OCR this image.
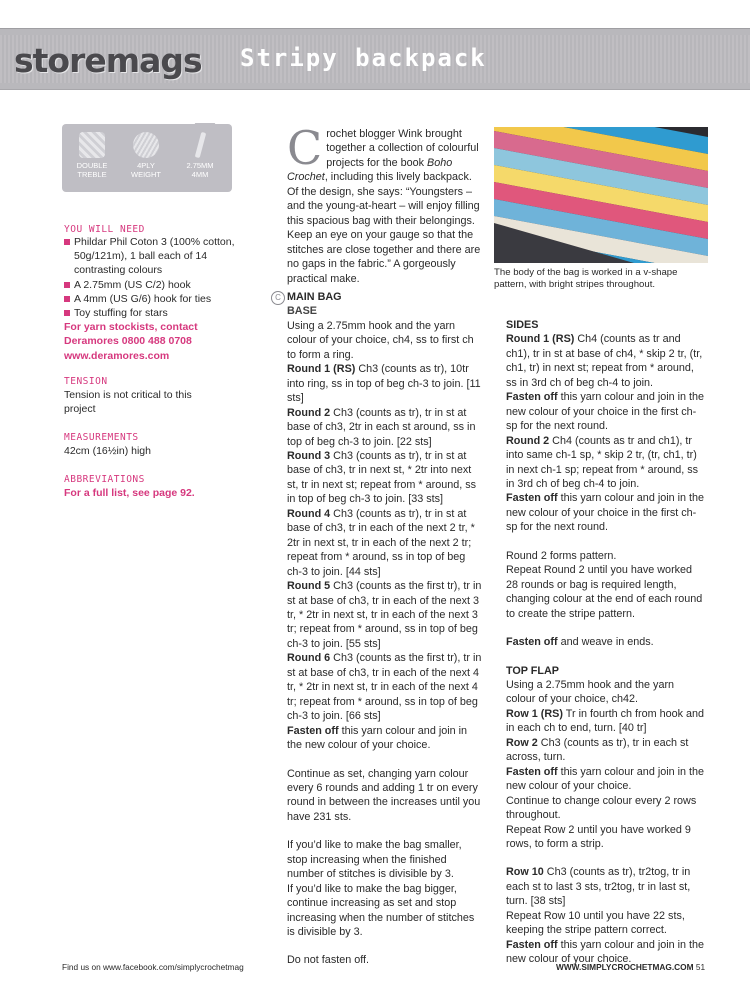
storemags Stripy backpack
DOUBLE
TREBLE
4PLY
WEIGHT
2.75MM
4MM
YOU WILL NEED
Phildar Phil Coton 3 (100% cotton, 50g/121m), 1 ball each of 14 contrasting colours
A 2.75mm (US C/2) hook
A 4mm (US G/6) hook for ties
Toy stuffing for stars
For yarn stockists, contact Deramores 0800 488 0708 www.deramores.com
TENSION
Tension is not critical to this project
MEASUREMENTS
42cm (16½in) high
ABBREVIATIONS
For a full list, see page 92.
Crochet blogger Wink brought together a collection of colourful projects for the book Boho Crochet, including this lively backpack. Of the design, she says: “Youngsters – and the young-at-heart – will enjoy filling this spacious bag with their belongings. Keep an eye on your gauge so that the stitches are close together and there are no gaps in the fabric.” A gorgeously practical make.
C MAIN BAG

BASE

Using a 2.75mm hook and the yarn colour of your choice, ch4, ss to first ch to form a ring.

Round 1 (RS) Ch3 (counts as tr), 10tr into ring, ss in top of beg ch-3 to join. [11 sts]

Round 2 Ch3 (counts as tr), tr in st at base of ch3, 2tr in each st around, ss in top of beg ch-3 to join. [22 sts]

Round 3 Ch3 (counts as tr), tr in st at base of ch3, tr in next st, * 2tr into next st, tr in next st; repeat from * around, ss in top of beg ch-3 to join. [33 sts]

Round 4 Ch3 (counts as tr), tr in st at base of ch3, tr in each of the next 2 tr, * 2tr in next st, tr in each of the next 2 tr; repeat from * around, ss in top of beg ch-3 to join. [44 sts]

Round 5 Ch3 (counts as the first tr), tr in st at base of ch3, tr in each of the next 3 tr, * 2tr in next st, tr in each of the next 3 tr; repeat from * around, ss in top of beg ch-3 to join. [55 sts]

Round 6 Ch3 (counts as the first tr), tr in st at base of ch3, tr in each of the next 4 tr, * 2tr in next st, tr in each of the next 4 tr; repeat from * around, ss in top of beg ch-3 to join. [66 sts]

Fasten off this yarn colour and join in the new colour of your choice.

Continue as set, changing yarn colour every 6 rounds and adding 1 tr on every round in between the increases until you have 231 sts.

If you’d like to make the bag smaller, stop increasing when the finished number of stitches is divisible by 3.

If you’d like to make the bag bigger, continue increasing as set and stop increasing when the number of stitches is divisible by 3.

Do not fasten off.

The body of the bag is worked in a v-shape pattern, with bright stripes throughout.

SIDES

Round 1 (RS) Ch4 (counts as tr and ch1), tr in st at base of ch4, * skip 2 tr, (tr, ch1, tr) in next st; repeat from * around, ss in 3rd ch of beg ch-4 to join.

Fasten off this yarn colour and join in the new colour of your choice in the first ch-sp for the next round.

Round 2 Ch4 (counts as tr and ch1), tr into same ch-1 sp, * skip 2 tr, (tr, ch1, tr) in next ch-1 sp; repeat from * around, ss in 3rd ch of beg ch-4 to join.

Fasten off this yarn colour and join in the new colour of your choice in the first ch-sp for the next round.

Round 2 forms pattern.

Repeat Round 2 until you have worked 28 rounds or bag is required length, changing colour at the end of each round to create the stripe pattern.

Fasten off and weave in ends.

TOP FLAP

Using a 2.75mm hook and the yarn colour of your choice, ch42.

Row 1 (RS) Tr in fourth ch from hook and in each ch to end, turn. [40 tr]

Row 2 Ch3 (counts as tr), tr in each st across, turn.

Fasten off this yarn colour and join in the new colour of your choice.

Continue to change colour every 2 rows throughout.

Repeat Row 2 until you have worked 9 rows, to form a strip.

Row 10 Ch3 (counts as tr), tr2tog, tr in each st to last 3 sts, tr2tog, tr in last st, turn. [38 sts]

Repeat Row 10 until you have 22 sts, keeping the stripe pattern correct.

Fasten off this yarn colour and join in the new colour of your choice.

Find us on www.facebook.com/simplycrochetmag	WWW.SIMPLYCROCHETMAG.COM 51
